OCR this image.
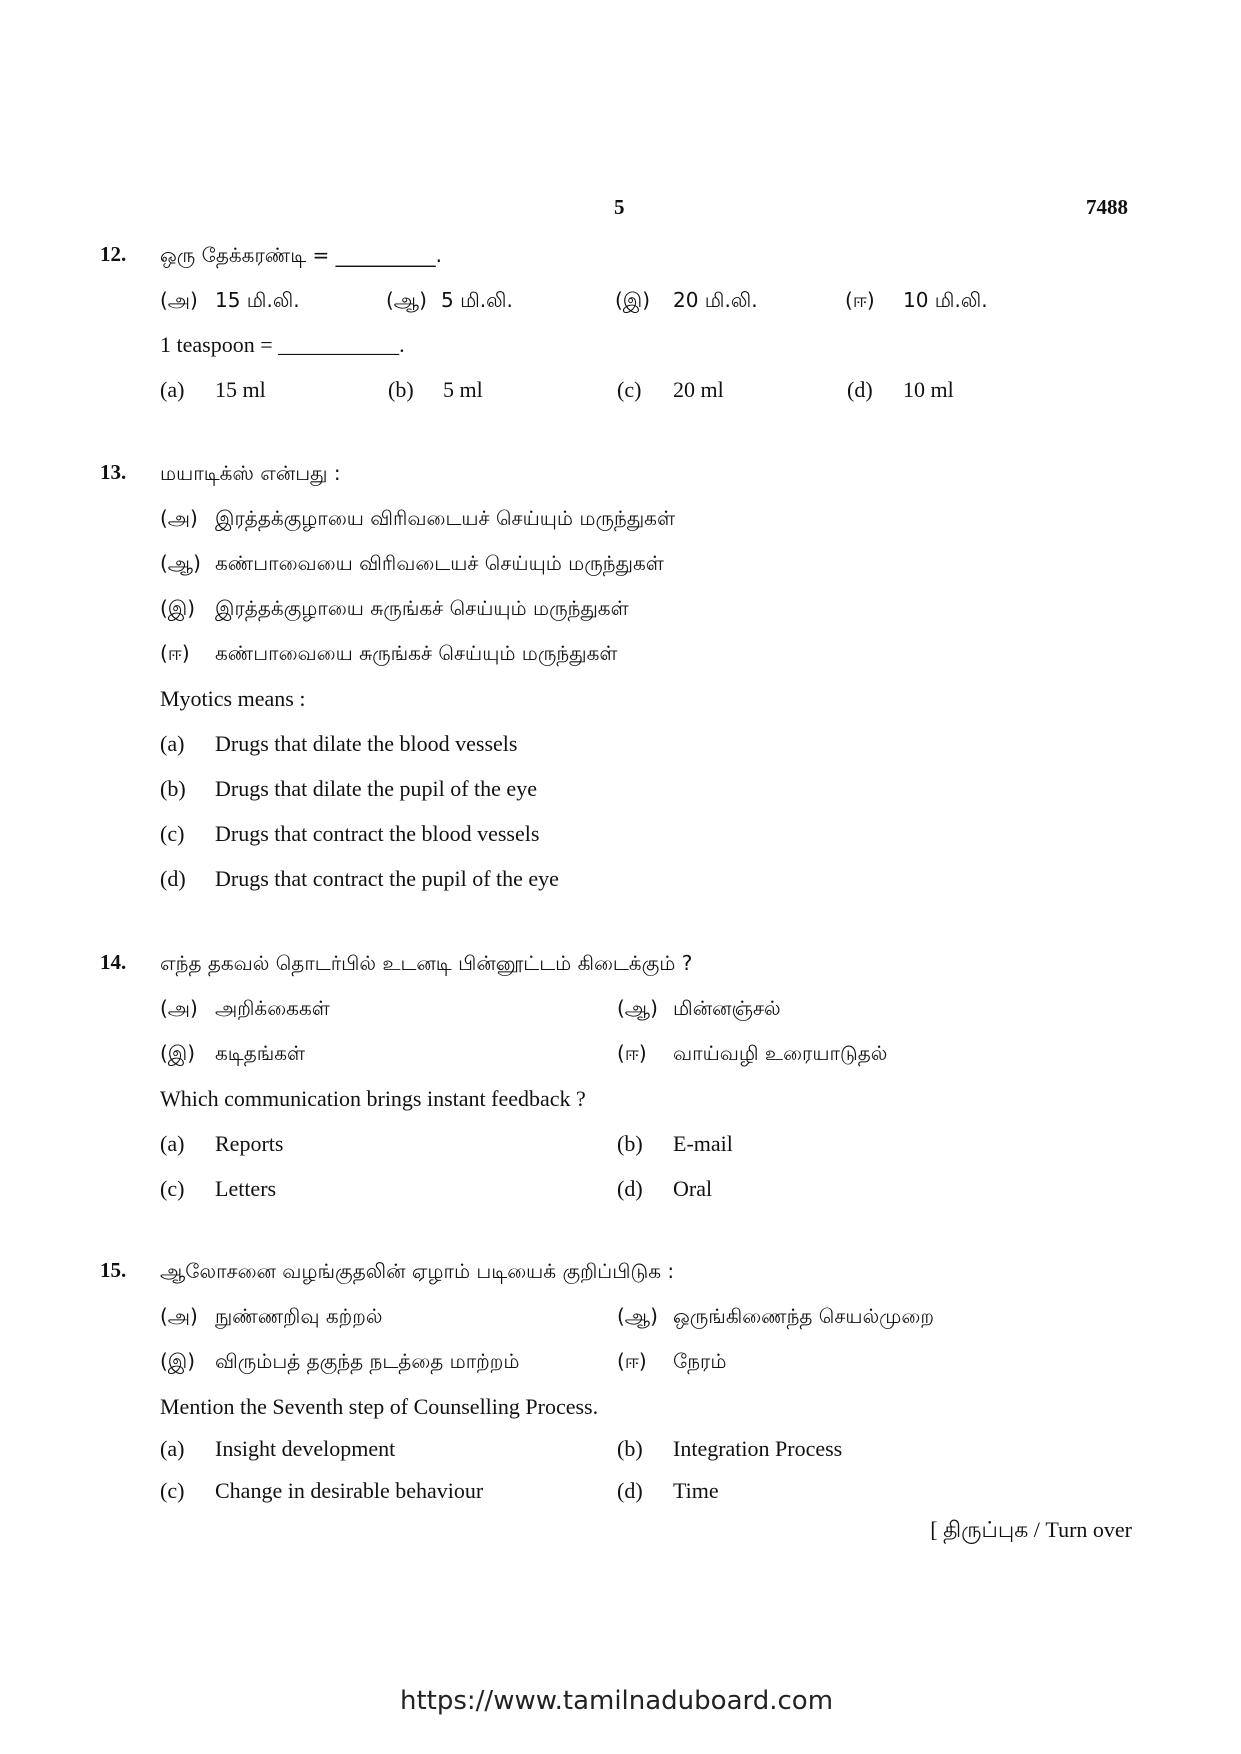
5	7488
12. ஒரு தேக்கரண்டி = __________.
(அ) 15 மி.லி.	(ஆ) 5 மி.லி.	(இ) 20 மி.லி.	(ஈ) 10 மி.லி.
1 teaspoon = ___________.
(a) 15 ml	(b) 5 ml	(c) 20 ml	(d) 10 ml
13. மயாடிக்ஸ் என்பது :
(அ) இரத்தக்குழாயை விரிவடையச் செய்யும் மருந்துகள்
(ஆ) கண்பாவையை விரிவடையச் செய்யும் மருந்துகள்
(இ) இரத்தக்குழாயை சுருங்கச் செய்யும் மருந்துகள்
(ஈ) கண்பாவையை சுருங்கச் செய்யும் மருந்துகள்
Myotics means :
(a) Drugs that dilate the blood vessels
(b) Drugs that dilate the pupil of the eye
(c) Drugs that contract the blood vessels
(d) Drugs that contract the pupil of the eye
14. எந்த தகவல் தொடர்பில் உடனடி பின்னூட்டம் கிடைக்கும் ?
(அ) அறிக்கைகள்	(ஆ) மின்னஞ்சல்
(இ) கடிதங்கள்	(ஈ) வாய்வழி உரையாடுதல்
Which communication brings instant feedback ?
(a) Reports	(b) E-mail
(c) Letters	(d) Oral
15. ஆலோசனை வழங்குதலின் ஏழாம் படியைக் குறிப்பிடுக :
(அ) நுண்ணறிவு கற்றல்	(ஆ) ஒருங்கிணைந்த செயல்முறை
(இ) விரும்பத் தகுந்த நடத்தை மாற்றம்	(ஈ) நேரம்
Mention the Seventh step of Counselling Process.
(a) Insight development	(b) Integration Process
(c) Change in desirable behaviour	(d) Time
[ திருப்புக / Turn over
https://www.tamilnaduboard.com
